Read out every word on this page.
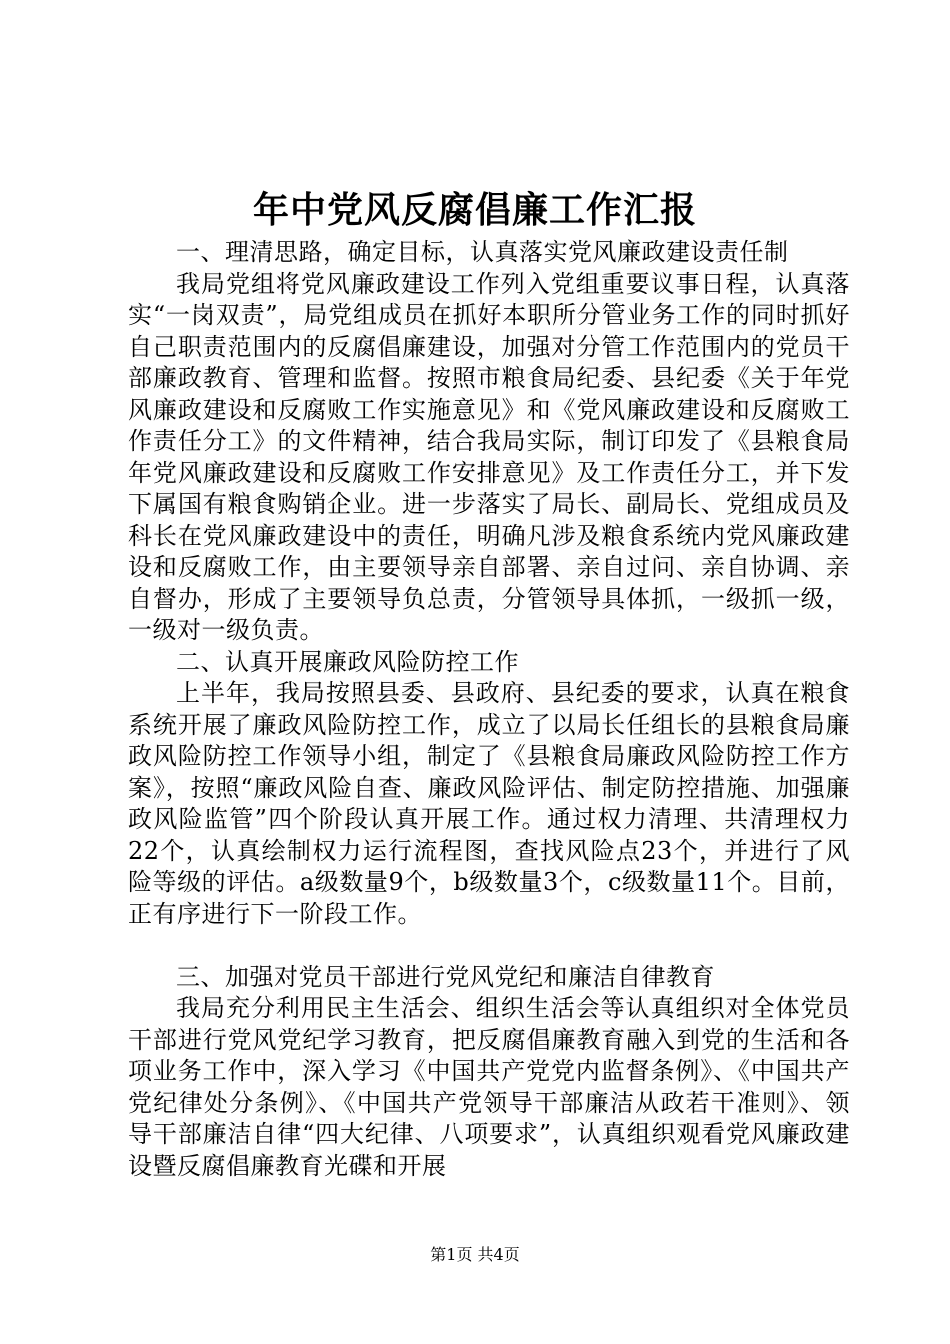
年中党风反腐倡廉工作汇报

一、理清思路，确定目标，认真落实党风廉政建设责任制

我局党组将党风廉政建设工作列入党组重要议事日程，认真落实“一岗双责”，局党组成员在抓好本职所分管业务工作的同时抓好自己职责范围内的反腐倡廉建设，加强对分管工作范围内的党员干部廉政教育、管理和监督。按照市粮食局纪委、县纪委《关于年党风廉政建设和反腐败工作实施意见》和《党风廉政建设和反腐败工作责任分工》的文件精神，结合我局实际，制订印发了《县粮食局年党风廉政建设和反腐败工作安排意见》及工作责任分工，并下发下属国有粮食购销企业。进一步落实了局长、副局长、党组成员及科长在党风廉政建设中的责任，明确凡涉及粮食系统内党风廉政建设和反腐败工作，由主要领导亲自部署、亲自过问、亲自协调、亲自督办，形成了主要领导负总责，分管领导具体抓，一级抓一级，一级对一级负责。

二、认真开展廉政风险防控工作

上半年，我局按照县委、县政府、县纪委的要求，认真在粮食系统开展了廉政风险防控工作，成立了以局长任组长的县粮食局廉政风险防控工作领导小组，制定了《县粮食局廉政风险防控工作方案》，按照“廉政风险自查、廉政风险评估、制定防控措施、加强廉政风险监管”四个阶段认真开展工作。通过权力清理、共清理权力22个，认真绘制权力运行流程图，查找风险点23个，并进行了风险等级的评估。a级数量9个，b级数量3个，c级数量11个。目前，正有序进行下一阶段工作。

三、加强对党员干部进行党风党纪和廉洁自律教育

我局充分利用民主生活会、组织生活会等认真组织对全体党员干部进行党风党纪学习教育，把反腐倡廉教育融入到党的生活和各项业务工作中，深入学习《中国共产党党内监督条例》、《中国共产党纪律处分条例》、《中国共产党领导干部廉洁从政若干准则》、领导干部廉洁自律“四大纪律、八项要求”，认真组织观看党风廉政建设暨反腐倡廉教育光碟和开展

第1页 共4页
